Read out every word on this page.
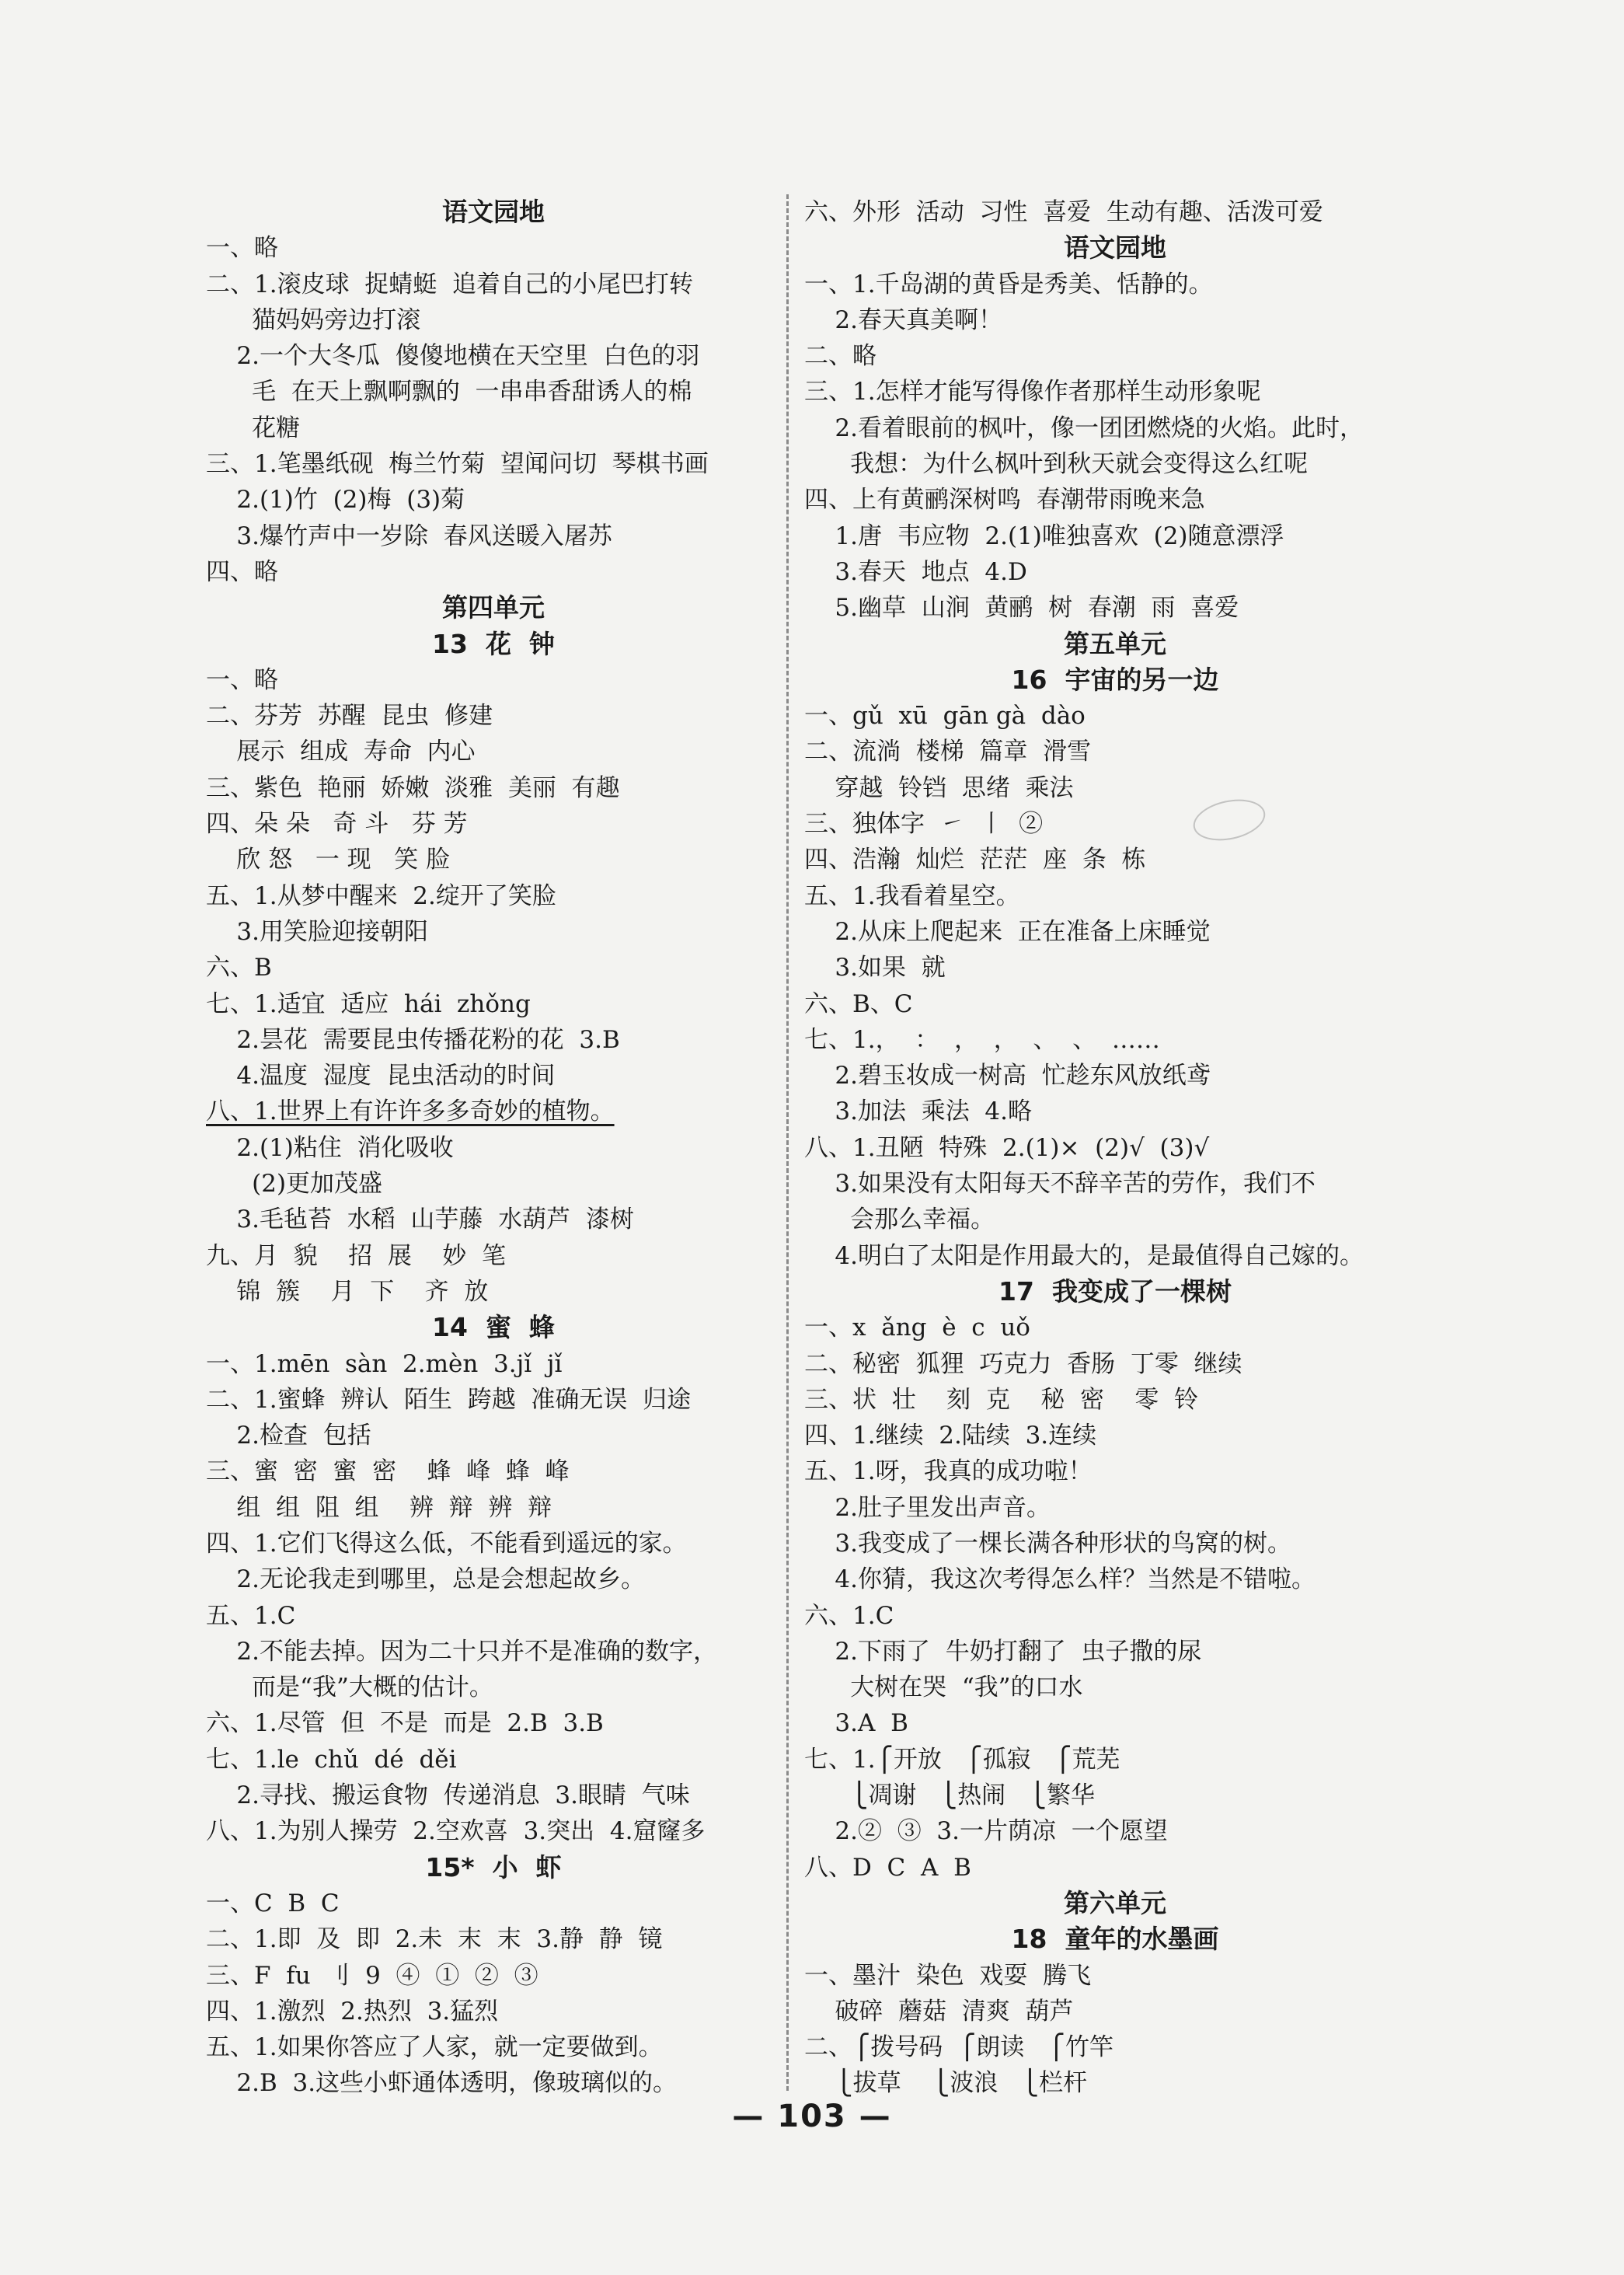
语文园地
一、略
二、1.滚皮球  捉蜻蜓  追着自己的小尾巴打转
猫妈妈旁边打滚
2.一个大冬瓜  傻傻地横在天空里  白色的羽
毛  在天上飘啊飘的  一串串香甜诱人的棉
花糖
三、1.笔墨纸砚  梅兰竹菊  望闻问切  琴棋书画
2.(1)竹  (2)梅  (3)菊
3.爆竹声中一岁除  春风送暖入屠苏
四、略
第四单元
13  花  钟
一、略
二、芬芳  苏醒  昆虫  修建
展示  组成  寿命  内心
三、紫色  艳丽  娇嫩  淡雅  美丽  有趣
四、朵 朵   奇 斗   芬 芳
欣 怒   一 现   笑 脸
五、1.从梦中醒来  2.绽开了笑脸
3.用笑脸迎接朝阳
六、B
七、1.适宜  适应  hái  zhǒng
2.昙花  需要昆虫传播花粉的花  3.B
4.温度  湿度  昆虫活动的时间
八、1.世界上有许许多多奇妙的植物。
2.(1)粘住  消化吸收
(2)更加茂盛
3.毛毡苔  水稻  山芋藤  水葫芦  漆树
九、月  貌    招  展    妙  笔
锦  簇    月  下    齐  放
14  蜜  蜂
一、1.mēn  sàn  2.mèn  3.jǐ  jǐ
二、1.蜜蜂  辨认  陌生  跨越  准确无误  归途
2.检查  包括
三、蜜  密  蜜  密    蜂  峰  蜂  峰
组  组  阻  组    辨  辩  辨  辩
四、1.它们飞得这么低，不能看到遥远的家。
2.无论我走到哪里，总是会想起故乡。
五、1.C
2.不能去掉。因为二十只并不是准确的数字，
而是“我”大概的估计。
六、1.尽管  但  不是  而是  2.B  3.B
七、1.le  chǔ  dé  děi
2.寻找、搬运食物  传递消息  3.眼睛  气味
八、1.为别人操劳  2.空欢喜  3.突出  4.窟窿多
15*  小  虾
一、C  B  C
二、1.即  及  即  2.未  末  末  3.静  静  镜
三、F  fu  刂  9  ④  ①  ②  ③
四、1.激烈  2.热烈  3.猛烈
五、1.如果你答应了人家，就一定要做到。
2.B  3.这些小虾通体透明，像玻璃似的。
六、外形  活动  习性  喜爱  生动有趣、活泼可爱
语文园地
一、1.千岛湖的黄昏是秀美、恬静的。
2.春天真美啊！
二、略
三、1.怎样才能写得像作者那样生动形象呢
2.看着眼前的枫叶，像一团团燃烧的火焰。此时，
我想：为什么枫叶到秋天就会变得这么红呢
四、上有黄鹂深树鸣  春潮带雨晚来急
1.唐  韦应物  2.(1)唯独喜欢  (2)随意漂浮
3.春天  地点  4.D
5.幽草  山涧  黄鹂  树  春潮  雨  喜爱
第五单元
16  宇宙的另一边
一、gǔ  xū  gān gà  dào
二、流淌  楼梯  篇章  滑雪
穿越  铃铛  思绪  乘法
三、独体字  ㇀  丨  ②
四、浩瀚  灿烂  茫茫  座  条  栋
五、1.我看着星空。
2.从床上爬起来  正在准备上床睡觉
3.如果  就
六、B、C
七、1.，  ：  ，  ，  、  、  ……
2.碧玉妆成一树高  忙趁东风放纸鸢
3.加法  乘法  4.略
八、1.丑陋  特殊  2.(1)×  (2)√  (3)√
3.如果没有太阳每天不辞辛苦的劳作，我们不
会那么幸福。
4.明白了太阳是作用最大的，是最值得自己嫁的。
17  我变成了一棵树
一、x  ǎng  è  c  uǒ
二、秘密  狐狸  巧克力  香肠  丁零  继续
三、状  壮    刻  克    秘  密    零  铃
四、1.继续  2.陆续  3.连续
五、1.呀，我真的成功啦！
2.肚子里发出声音。
3.我变成了一棵长满各种形状的鸟窝的树。
4.你猜，我这次考得怎么样？当然是不错啦。
六、1.C
2.下雨了  牛奶打翻了  虫子撒的尿
大树在哭  “我”的口水
3.A  B
七、1.⎧开放   ⎧孤寂   ⎧荒芜
⎩凋谢   ⎩热闹   ⎩繁华
2.②  ③  3.一片荫凉  一个愿望
八、D  C  A  B
第六单元
18  童年的水墨画
一、墨汁  染色  戏耍  腾飞
破碎  蘑菇  清爽  葫芦
二、⎧拨号码  ⎧朗读   ⎧竹竿
⎩拔草    ⎩波浪   ⎩栏杆
— 103 —
